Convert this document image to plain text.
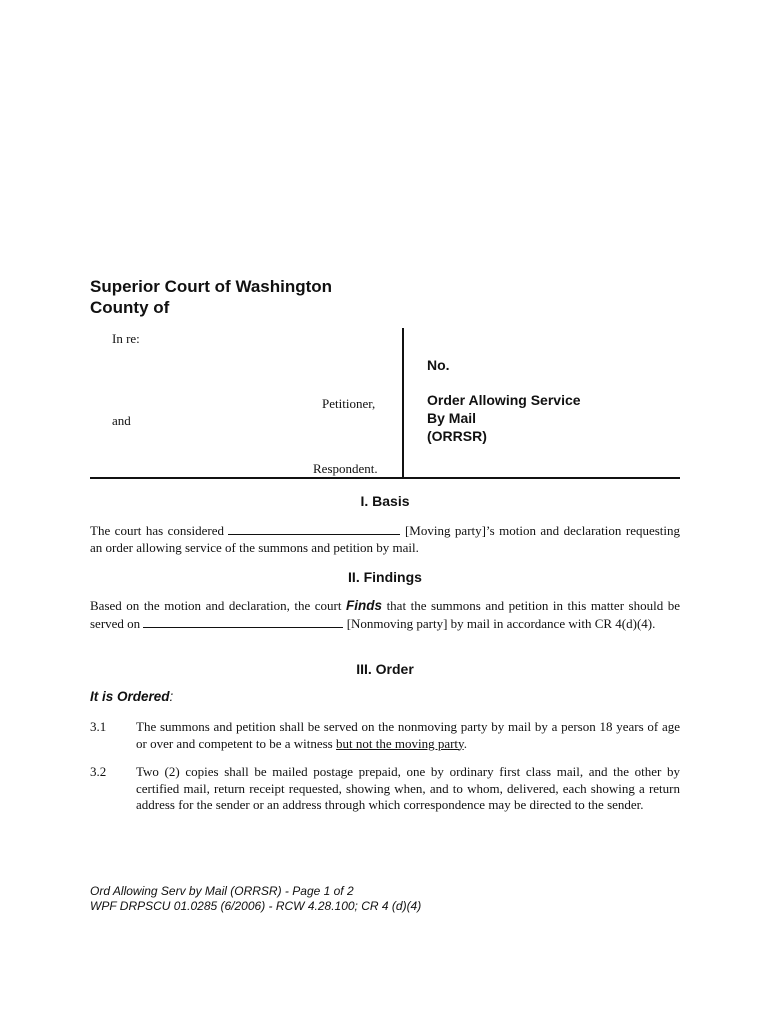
Superior Court of Washington
County of
In re:
Petitioner,
and
Respondent.
No.
Order Allowing Service
By Mail
(ORRSR)
I. Basis
The court has considered	[Moving party]’s motion and declaration requesting an order allowing service of the summons and petition by mail.
II. Findings
Based on the motion and declaration, the court Finds that the summons and petition in this matter should be served on	[Nonmoving party] by mail in accordance with CR 4(d)(4).
III. Order
It is Ordered:
3.1	The summons and petition shall be served on the nonmoving party by mail by a person 18 years of age or over and competent to be a witness but not the moving party.
3.2	Two (2) copies shall be mailed postage prepaid, one by ordinary first class mail, and the other by certified mail, return receipt requested, showing when, and to whom, delivered, each showing a return address for the sender or an address through which correspondence may be directed to the sender.
Ord Allowing Serv by Mail (ORRSR) - Page 1 of 2
WPF DRPSCU 01.0285 (6/2006) - RCW 4.28.100; CR 4 (d)(4)
